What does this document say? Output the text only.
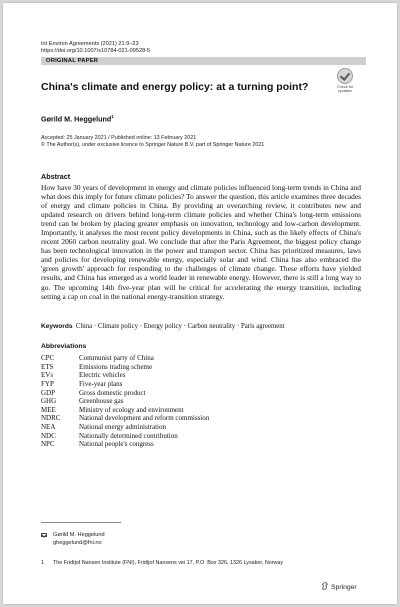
Int Environ Agreements (2021) 21:9–23
https://doi.org/10.1007/s10784-021-09528-5
ORIGINAL PAPER
Check for
updates
China's climate and energy policy: at a turning point?
Gørild M. Heggelund$^1$
Accepted: 25 January 2021 / Published online: 13 February 2021
© The Author(s), under exclusive licence to Springer Nature B.V. part of Springer Nature 2021
Abstract
How have 30 years of development in energy and climate policies influenced long-term trends in China and what does this imply for future climate policies? To answer the question, this article examines three decades of energy and climate policies in China. By providing an overarching review, it contributes new and updated research on drivers behind long-term climate policies and whether China's long-term emissions trend can be broken by placing greater emphasis on innovation, technology and low-carbon development. Importantly, it analyses the most recent policy developments in China, such as the likely effects of China's recent 2060 carbon neutrality goal. We conclude that after the Paris Agreement, the biggest policy change has been technological innovation in the power and transport sector. China has prioritized measures, laws and policies for developing renewable energy, especially solar and wind. China has also embraced the 'green growth' approach for responding to the challenges of climate change. These efforts have yielded results, and China has emerged as a world leader in renewable energy. However, there is still a long way to go. The upcoming 14th five-year plan will be critical for accelerating the energy transition, including setting a cap on coal in the national energy-transition strategy.
Keywords China · Climate policy · Energy policy · Carbon neutrality · Paris agreement
Abbreviations
CPC	Communist party of China
ETS	Emissions trading scheme
EVs	Electric vehicles
FYP	Five-year plans
GDP	Gross domestic product
GHG	Greenhouse gas
MEE	Ministry of ecology and environment
NDRC	National development and reform commission
NEA	National energy administration
NDC	Nationally determined contribution
NPC	National people's congress
Gørild M. Heggelund
gheggelund@fni.no
1 The Fridtjof Nansen Institute (FNI), Fridtjof Nansens vei 17, P.O. Box 326, 1326 Lysaker, Norway
Springer
